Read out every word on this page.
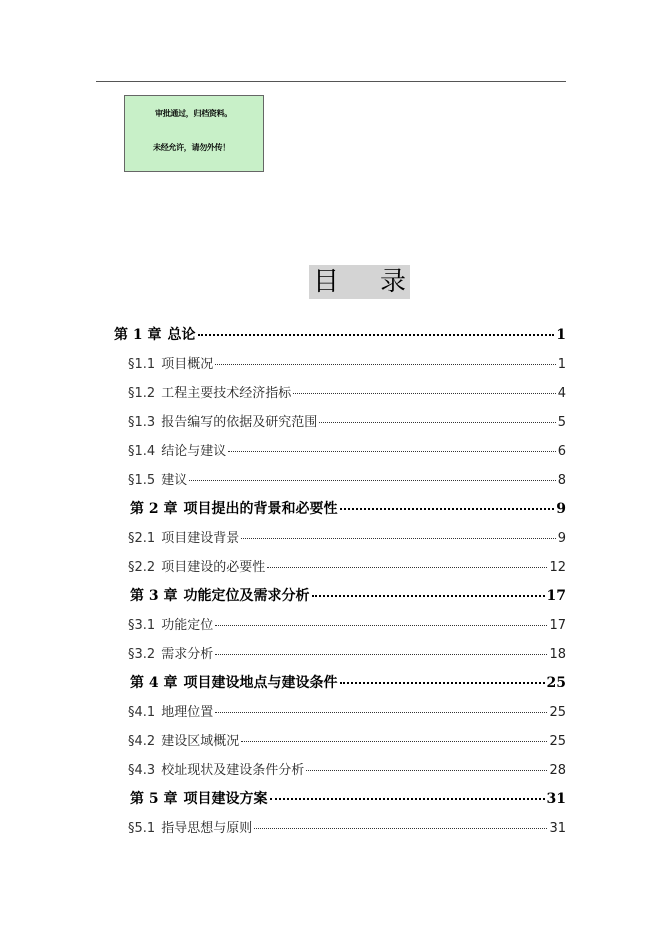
审批通过，归档资料。
未经允许，请勿外传！
目 录
第 1 章 总论	1
§1.1 项目概况	1
§1.2 工程主要技术经济指标	4
§1.3 报告编写的依据及研究范围	5
§1.4 结论与建议	6
§1.5 建议	8
第 2 章 项目提出的背景和必要性	9
§2.1 项目建设背景	9
§2.2 项目建设的必要性	12
第 3 章 功能定位及需求分析	17
§3.1 功能定位	17
§3.2 需求分析	18
第 4 章 项目建设地点与建设条件	25
§4.1 地理位置	25
§4.2 建设区域概况	25
§4.3 校址现状及建设条件分析	28
第 5 章 项目建设方案	31
§5.1 指导思想与原则	31
